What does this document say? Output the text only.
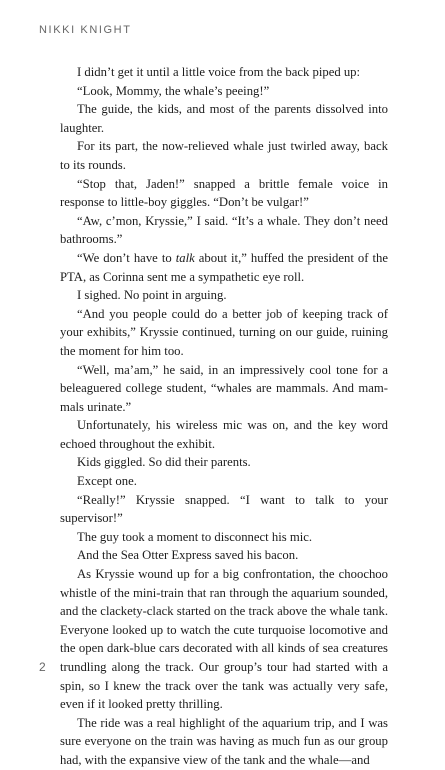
NIKKI KNIGHT

I didn’t get it until a little voice from the back piped up:

“Look, Mommy, the whale’s peeing!”

The guide, the kids, and most of the parents dissolved into laughter.

For its part, the now-relieved whale just twirled away, back to its rounds.

“Stop that, Jaden!” snapped a brittle female voice in response to little-boy giggles. “Don’t be vulgar!”

“Aw, c’mon, Kryssie,” I said. “It’s a whale. They don’t need bathrooms.”

“We don’t have to talk about it,” huffed the president of the PTA, as Corinna sent me a sympathetic eye roll.

I sighed. No point in arguing.

“And you people could do a better job of keeping track of your exhibits,” Kryssie continued, turning on our guide, ruining the moment for him too.

“Well, ma’am,” he said, in an impressively cool tone for a beleaguered college student, “whales are mammals. And mammals urinate.”

Unfortunately, his wireless mic was on, and the key word echoed throughout the exhibit.

Kids giggled. So did their parents.

Except one.

“Really!” Kryssie snapped. “I want to talk to your supervisor!”

The guy took a moment to disconnect his mic.

And the Sea Otter Express saved his bacon.

As Kryssie wound up for a big confrontation, the choochoo whistle of the mini-train that ran through the aquarium sounded, and the clackety-clack started on the track above the whale tank. Everyone looked up to watch the cute turquoise locomotive and the open dark-blue cars decorated with all kinds of sea creatures trundling along the track. Our group’s tour had started with a spin, so I knew the track over the tank was actually very safe, even if it looked pretty thrilling.

The ride was a real highlight of the aquarium trip, and I was sure everyone on the train was having as much fun as our group had, with the expansive view of the tank and the whale—and

2
